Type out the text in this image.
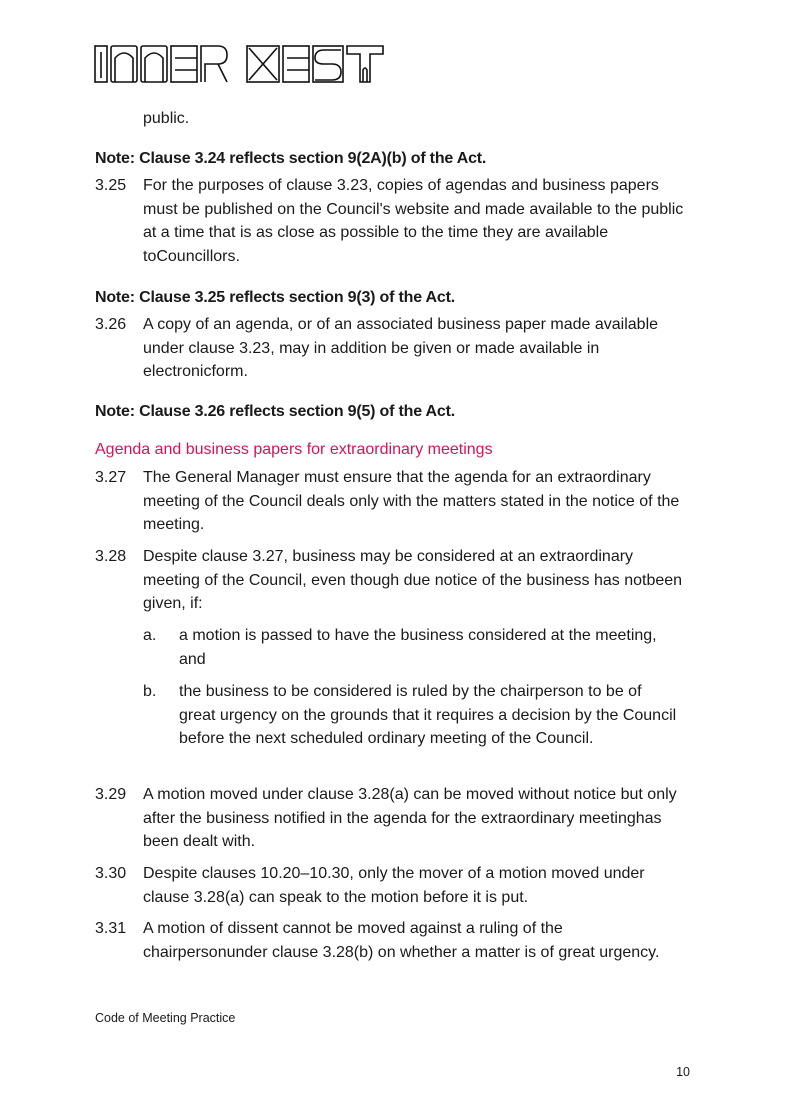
INNER WEST
public.
Note: Clause 3.24 reflects section 9(2A)(b) of the Act.
3.25	For the purposes of clause 3.23, copies of agendas and business papers must be published on the Council's website and made available to the public at a time that is as close as possible to the time they are available toCouncillors.
Note: Clause 3.25 reflects section 9(3) of the Act.
3.26	A copy of an agenda, or of an associated business paper made available under clause 3.23, may in addition be given or made available in electronicform.
Note: Clause 3.26 reflects section 9(5) of the Act.
Agenda and business papers for extraordinary meetings
3.27	The General Manager must ensure that the agenda for an extraordinary meeting of the Council deals only with the matters stated in the notice of the meeting.
3.28	Despite clause 3.27, business may be considered at an extraordinary meeting of the Council, even though due notice of the business has notbeen given, if:
a.	a motion is passed to have the business considered at the meeting, and
b.	the business to be considered is ruled by the chairperson to be of great urgency on the grounds that it requires a decision by the Council before the next scheduled ordinary meeting of the Council.
3.29	A motion moved under clause 3.28(a) can be moved without notice but only after the business notified in the agenda for the extraordinary meetinghas been dealt with.
3.30	Despite clauses 10.20–10.30, only the mover of a motion moved under clause 3.28(a) can speak to the motion before it is put.
3.31	A motion of dissent cannot be moved against a ruling of the chairpersonunder clause 3.28(b) on whether a matter is of great urgency.
Code of Meeting Practice
10
